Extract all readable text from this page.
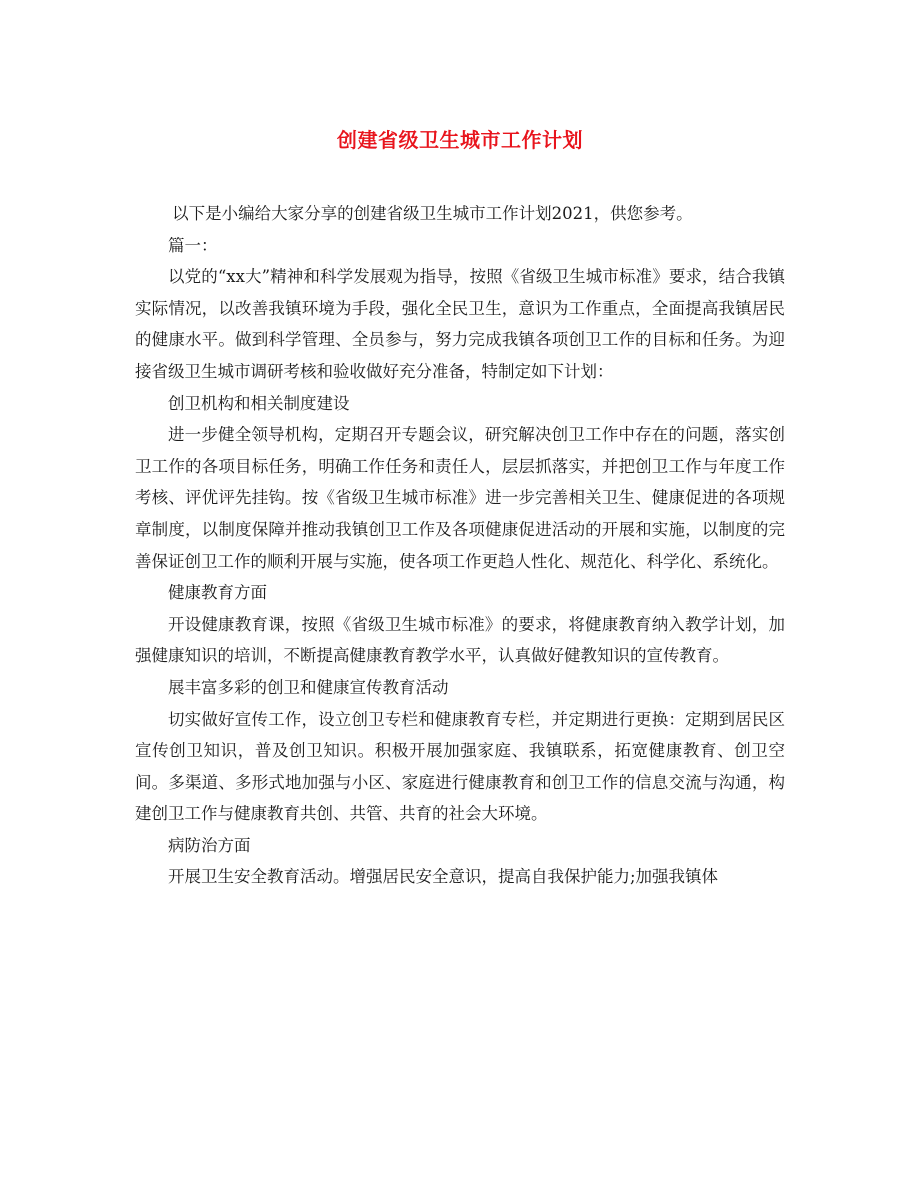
创建省级卫生城市工作计划

以下是小编给大家分享的创建省级卫生城市工作计划2021，供您参考。

篇一：

以党的“xx大”精神和科学发展观为指导，按照《省级卫生城市标准》要求，结合我镇实际情况，以改善我镇环境为手段，强化全民卫生，意识为工作重点，全面提高我镇居民的健康水平。做到科学管理、全员参与，努力完成我镇各项创卫工作的目标和任务。为迎接省级卫生城市调研考核和验收做好充分准备，特制定如下计划：

创卫机构和相关制度建设

进一步健全领导机构，定期召开专题会议，研究解决创卫工作中存在的问题，落实创卫工作的各项目标任务，明确工作任务和责任人，层层抓落实，并把创卫工作与年度工作考核、评优评先挂钩。按《省级卫生城市标准》进一步完善相关卫生、健康促进的各项规章制度，以制度保障并推动我镇创卫工作及各项健康促进活动的开展和实施，以制度的完善保证创卫工作的顺利开展与实施，使各项工作更趋人性化、规范化、科学化、系统化。

健康教育方面

开设健康教育课，按照《省级卫生城市标准》的要求，将健康教育纳入教学计划，加强健康知识的培训，不断提高健康教育教学水平，认真做好健教知识的宣传教育。

展丰富多彩的创卫和健康宣传教育活动

切实做好宣传工作，设立创卫专栏和健康教育专栏，并定期进行更换：定期到居民区宣传创卫知识，普及创卫知识。积极开展加强家庭、我镇联系，拓宽健康教育、创卫空间。多渠道、多形式地加强与小区、家庭进行健康教育和创卫工作的信息交流与沟通，构建创卫工作与健康教育共创、共管、共育的社会大环境。

病防治方面

开展卫生安全教育活动。增强居民安全意识，提高自我保护能力;加强我镇体
